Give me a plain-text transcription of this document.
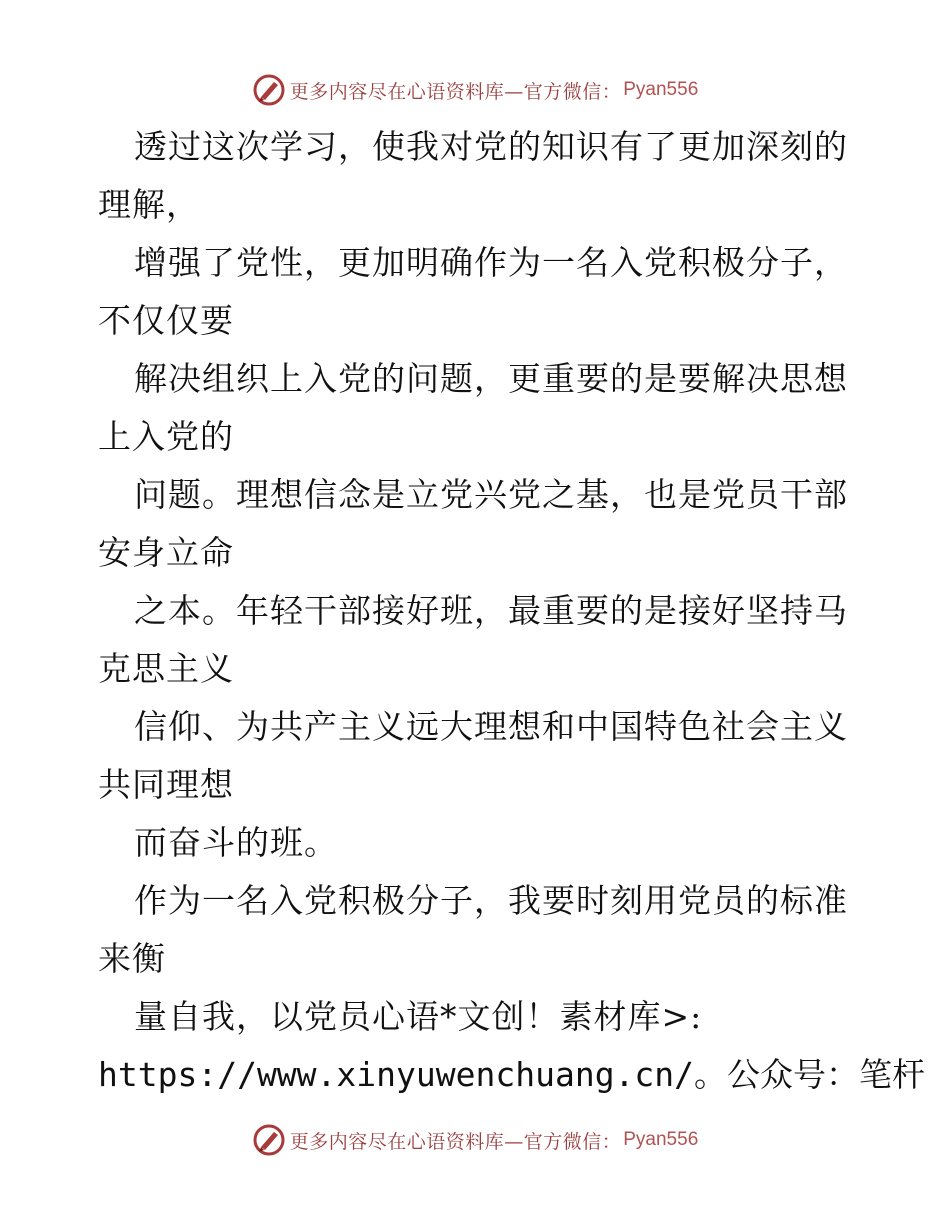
更多内容尽在心语资料库—官方微信： Pyan556
透过这次学习，使我对党的知识有了更加深刻的
理解，
增强了党性，更加明确作为一名入党积极分子，
不仅仅要
解决组织上入党的问题，更重要的是要解决思想
上入党的
问题。理想信念是立党兴党之基，也是党员干部
安身立命
之本。年轻干部接好班，最重要的是接好坚持马
克思主义
信仰、为共产主义远大理想和中国特色社会主义
共同理想
而奋斗的班。
作为一名入党积极分子，我要时刻用党员的标准
来衡
量自我，以党员心语*文创！素材库>:
https://www.xinyuwenchuang.cn/。公众号：笔杆
更多内容尽在心语资料库—官方微信： Pyan556
